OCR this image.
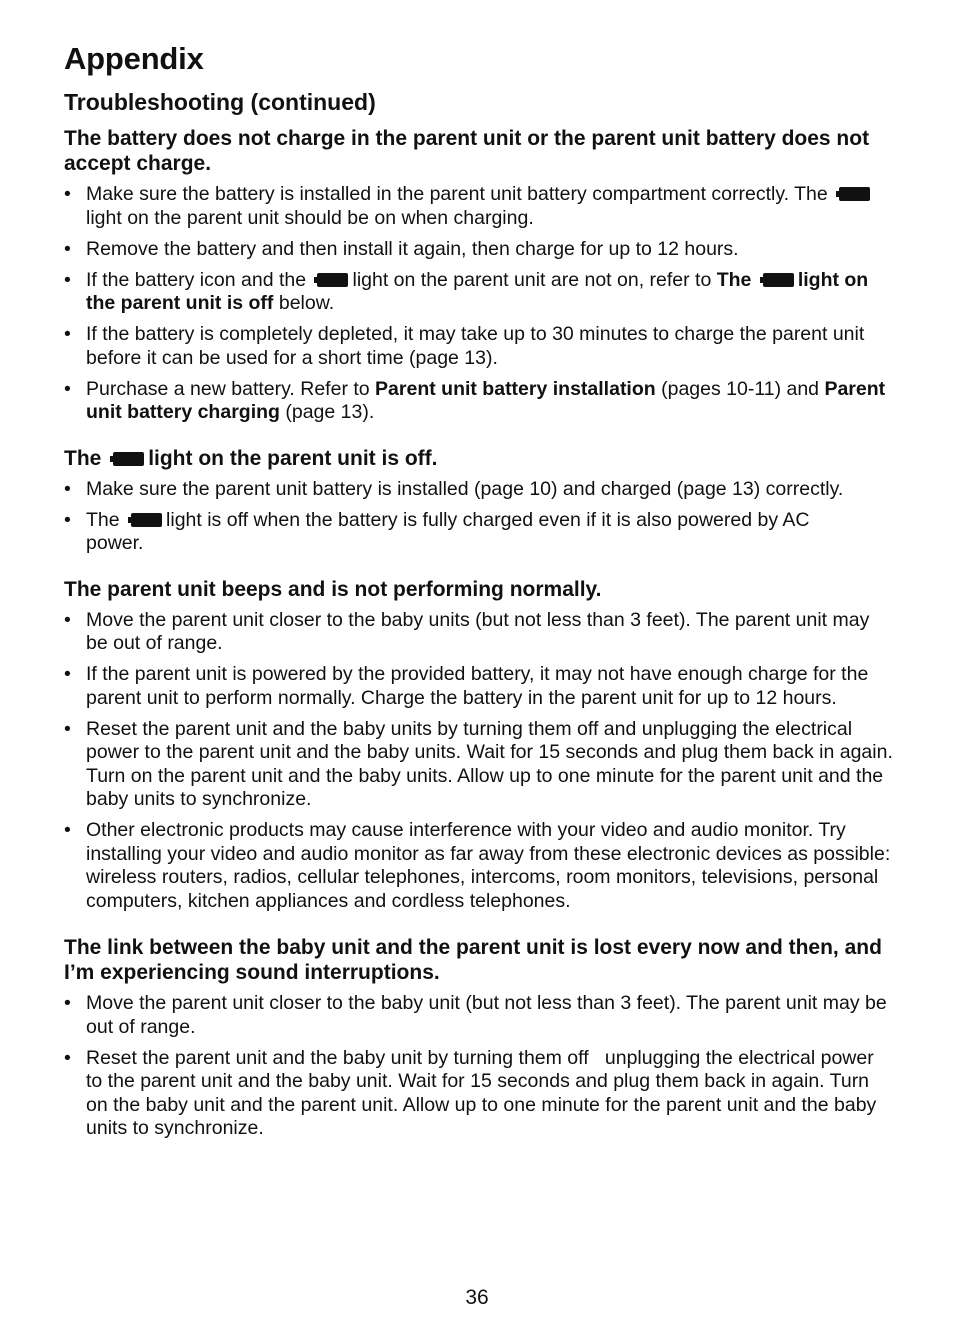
Appendix
Troubleshooting (continued)
The battery does not charge in the parent unit or the parent unit battery does not accept charge.
• Make sure the battery is installed in the parent unit battery compartment correctly. The
light on the parent unit should be on when charging.
• Remove the battery and then install it again, then charge for up to 12 hours.
• If the battery icon and the light on the parent unit are not on, refer to The light on the parent unit is off below.
• If the battery is completely depleted, it may take up to 30 minutes to charge the parent unit before it can be used for a short time (page 13).
• Purchase a new battery. Refer to Parent unit battery installation (pages 10-11) and Parent unit battery charging (page 13).
The light on the parent unit is off.
• Make sure the parent unit battery is installed (page 10) and charged (page 13) correctly.
• The light is off when the battery is fully charged even if it is also powered by AC power.
The parent unit beeps and is not performing normally.
• Move the parent unit closer to the baby units (but not less than 3 feet). The parent unit may be out of range.
• If the parent unit is powered by the provided battery, it may not have enough charge for the parent unit to perform normally. Charge the battery in the parent unit for up to 12 hours.
• Reset the parent unit and the baby units by turning them off and unplugging the electrical power to the parent unit and the baby units. Wait for 15 seconds and plug them back in again. Turn on the parent unit and the baby units. Allow up to one minute for the parent unit and the baby units to synchronize.
• Other electronic products may cause interference with your video and audio monitor. Try installing your video and audio monitor as far away from these electronic devices as possible: wireless routers, radios, cellular telephones, intercoms, room monitors, televisions, personal computers, kitchen appliances and cordless telephones.
The link between the baby unit and the parent unit is lost every now and then, and I’m experiencing sound interruptions.
• Move the parent unit closer to the baby unit (but not less than 3 feet). The parent unit may be out of range.
• Reset the parent unit and the baby unit by turning them off   unplugging the electrical power to the parent unit and the baby unit. Wait for 15 seconds and plug them back in again. Turn on the baby unit and the parent unit. Allow up to one minute for the parent unit and the baby units to synchronize.
36
